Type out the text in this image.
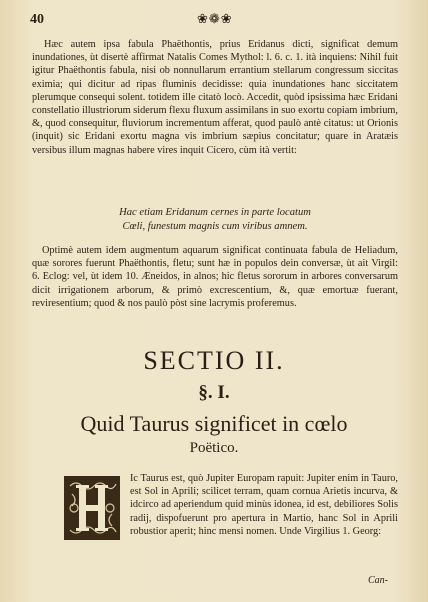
40	❀❁❀
Hæc autem ipsa fabula Phaëthontis, prius Eridanus dicti, significat demum inundationes, ùt disertè affirmat Natalis Comes Mythol: l. 6. c. 1. ità inquiens: Nihil fuit igitur Phaëthontis fabula, nisi ob nonnullarum errantium stellarum congressum siccitas eximia; qui dicitur ad ripas fluminis decidisse: quia inundationes hanc siccitatem plerumque consequi solent. totidem ille citatò locò. Accedit, quòd ipsissima hæc Eridani constellatio illustriorum siderum flexu fluxum assimilans in suo exortu copiam imbrium, &, quod consequitur, fluviorum incrementum afferat, quod paulò antè citatus: ut Orionis (inquit) sic Eridani exortu magna vis imbrium sæpius concitatur; quare in Aratæis versibus illum magnas habere vires inquit Cicero, cùm ità vertit:
Hac etiam Eridanum cernes in parte locatum
Cœli, funestum magnis cum viribus amnem.
Optimè autem idem augmentum aquarum significat continuata fabula de Heliadum, quæ sorores fuerunt Phaëthontis, fletu; sunt hæ in populos dein conversæ, ùt ait Virgil: 6. Eclog: vel, ùt idem 10. Æneidos, in alnos; hic fletus sororum in arbores conversarum dicit irrigationem arborum, & primò excrescentium, &, quæ emortuæ fuerant, reviresentium; quod & nos paulò pòst sine lacrymis proferemus.
SECTIO II.
§. I.
Quid Taurus significet in cœlo
Poëtico.
Ic Taurus est, quò Jupiter Europam rapuit: Jupiter enim in Tauro, est Sol in Aprili; scilicet terram, quam cornua Arietis incurva, & idcirco ad aperiendum quid minùs idonea, id est, debiliores Solis radij, dispofuerunt pro apertura in Martio, hanc Sol in Aprili robustior aperit; hinc mensi nomen. Unde Virgilius 1. Georg:
Can-
